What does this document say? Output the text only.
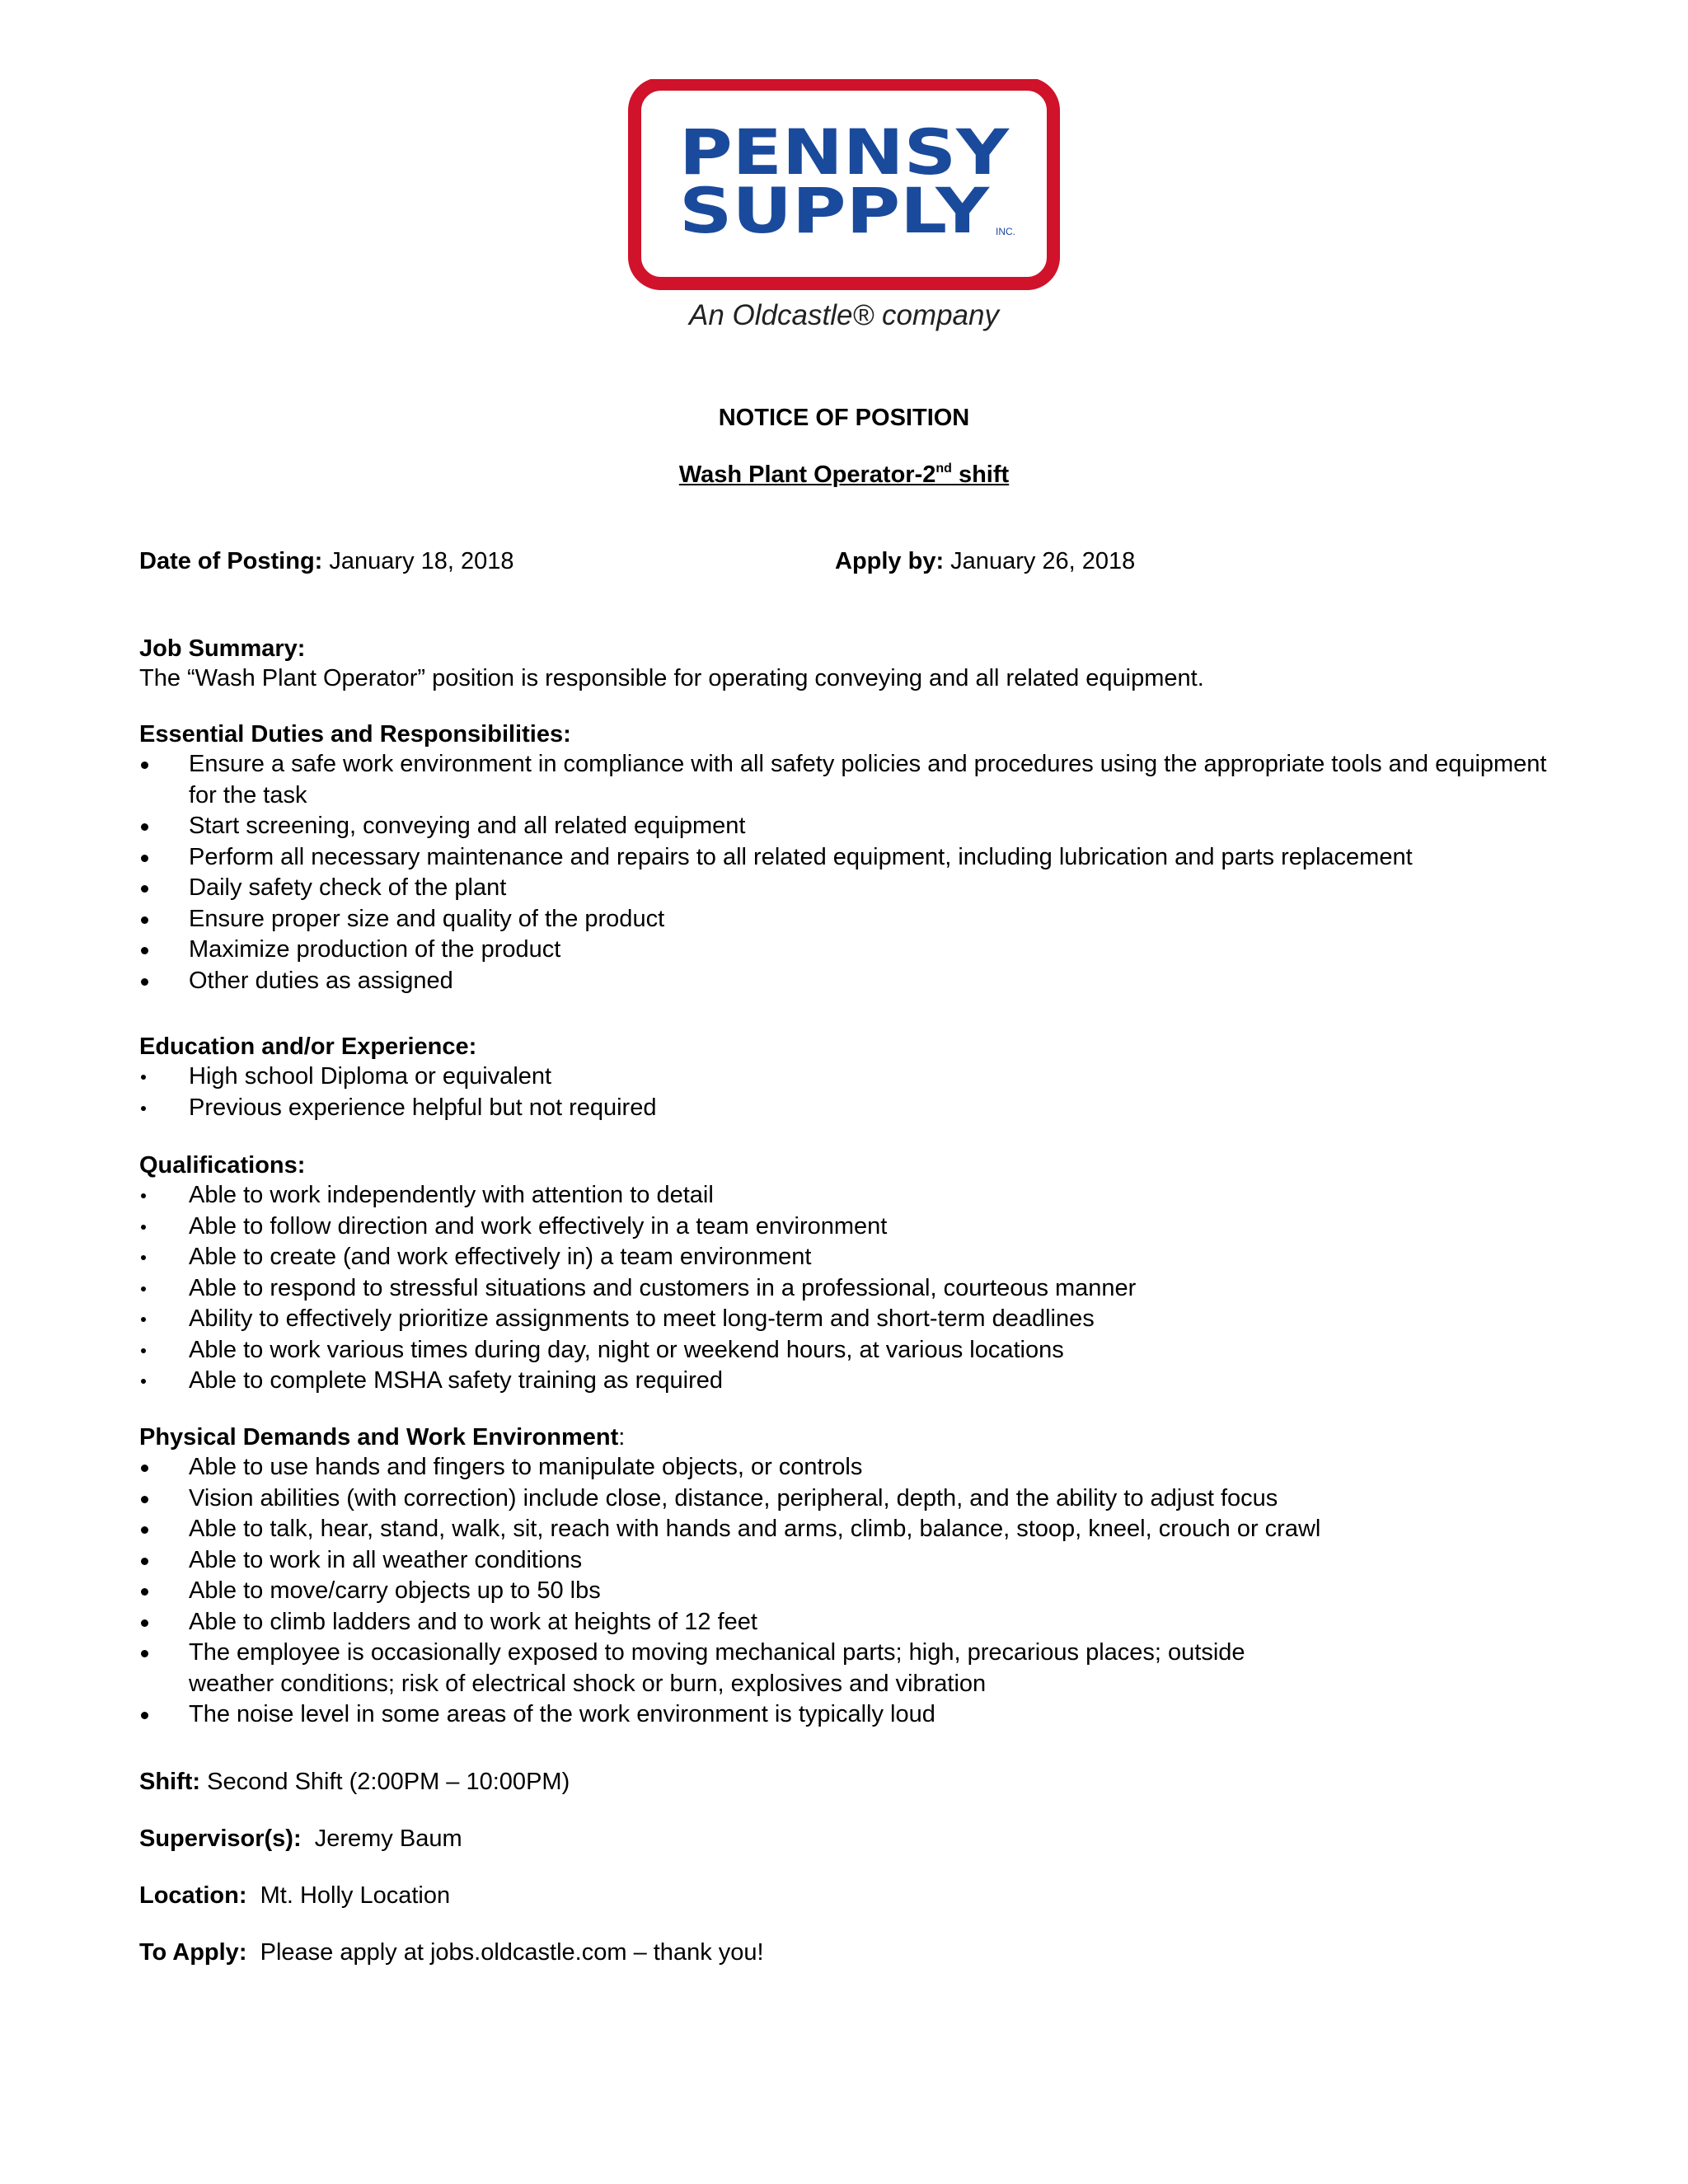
PENNSY
SUPPLY INC.
An Oldcastle® company
NOTICE OF POSITION
Wash Plant Operator-2nd shift
Date of Posting: January 18, 2018	Apply by: January 26, 2018
Job Summary:

The “Wash Plant Operator” position is responsible for operating conveying and all related equipment.

Essential Duties and Responsibilities:
Ensure a safe work environment in compliance with all safety policies and procedures using the appropriate tools and equipment for the task
Start screening, conveying and all related equipment
Perform all necessary maintenance and repairs to all related equipment, including lubrication and parts replacement
Daily safety check of the plant
Ensure proper size and quality of the product
Maximize production of the product
Other duties as assigned
Education and/or Experience:
High school Diploma or equivalent
Previous experience helpful but not required
Qualifications:
Able to work independently with attention to detail
Able to follow direction and work effectively in a team environment
Able to create (and work effectively in) a team environment
Able to respond to stressful situations and customers in a professional, courteous manner
Ability to effectively prioritize assignments to meet long-term and short-term deadlines
Able to work various times during day, night or weekend hours, at various locations
Able to complete MSHA safety training as required
Physical Demands and Work Environment:
Able to use hands and fingers to manipulate objects, or controls
Vision abilities (with correction) include close, distance, peripheral, depth, and the ability to adjust focus
Able to talk, hear, stand, walk, sit, reach with hands and arms, climb, balance, stoop, kneel, crouch or crawl
Able to work in all weather conditions
Able to move/carry objects up to 50 lbs
Able to climb ladders and to work at heights of 12 feet
The employee is occasionally exposed to moving mechanical parts; high, precarious places; outside weather conditions; risk of electrical shock or burn, explosives and vibration
The noise level in some areas of the work environment is typically loud
Shift: Second Shift (2:00PM – 10:00PM)
Supervisor(s):  Jeremy Baum
Location:  Mt. Holly Location
To Apply:  Please apply at jobs.oldcastle.com – thank you!
